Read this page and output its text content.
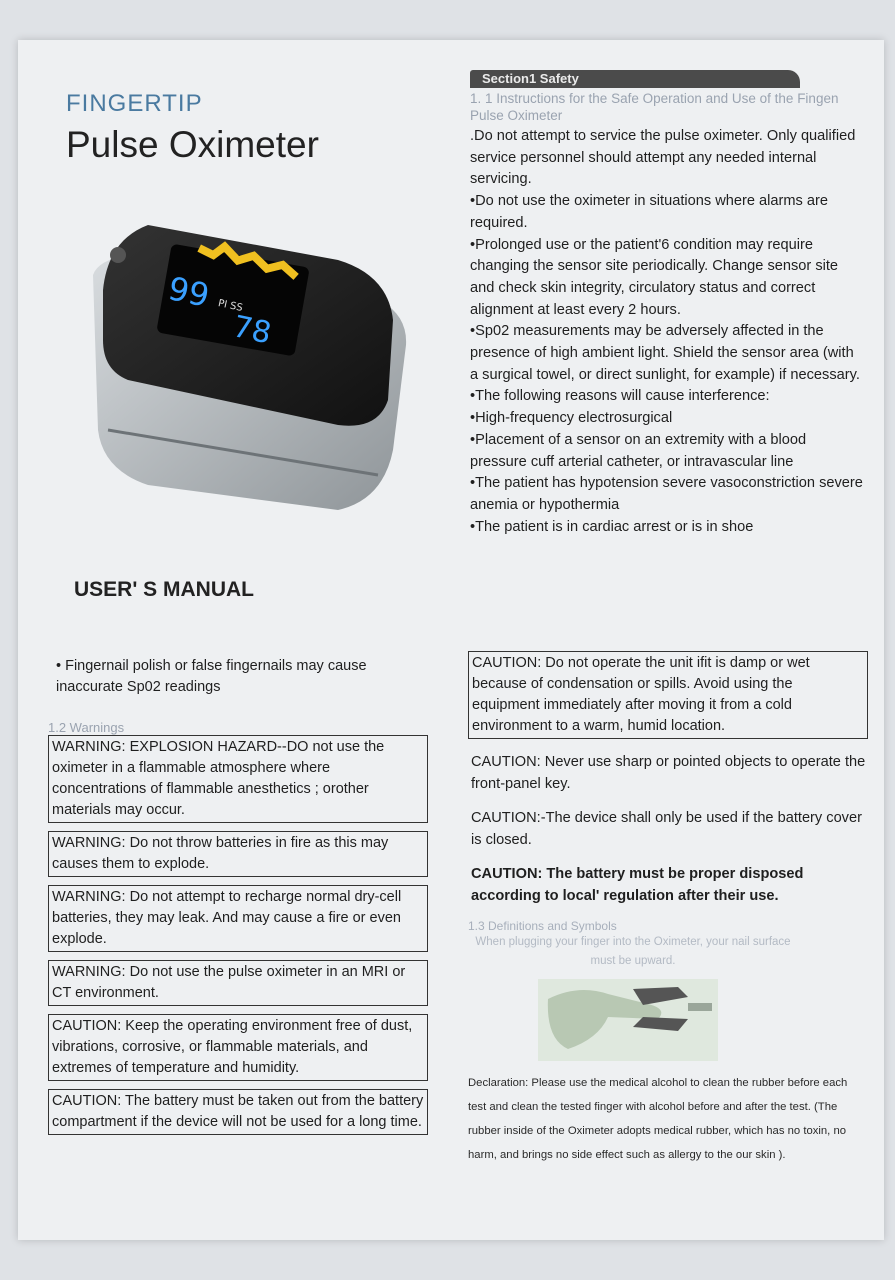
FINGERTIP
Pulse Oximeter
99
78
PI SS
USER' S MANUAL
Section1 Safety
1. 1 Instructions for the Safe Operation and Use of the Fingen Pulse Oximeter

.Do not attempt to service the pulse oximeter. Only qualified service personnel should attempt any needed internal servicing.

•Do not use the oximeter in situations where alarms are required.

•Prolonged use or the patient'6 condition may require changing the sensor site periodically. Change sensor site and check skin integrity, circulatory status and correct alignment at least every 2 hours.

•Sp02 measurements may be adversely affected in the presence of high ambient light. Shield the sensor area (with a surgical towel, or direct sunlight, for example) if necessary.

•The following reasons will cause interference:

•High-frequency electrosurgical

•Placement of a sensor on an extremity with a blood pressure cuff arterial catheter, or intravascular line

•The patient has hypotension severe vasoconstriction severe anemia or hypothermia

•The patient is in cardiac arrest or is in shoe

• Fingernail polish or false fingernails may cause inaccurate Sp02 readings
1.2 Warnings
WARNING: EXPLOSION HAZARD--DO not use the oximeter in a flammable atmosphere where concentrations of flammable anesthetics ; orother materials may occur.
WARNING: Do not throw batteries in fire as this may causes them to explode.
WARNING: Do not attempt to recharge normal dry-cell batteries, they may leak. And may cause a fire or even explode.
WARNING: Do not use the pulse oximeter in an MRI or CT environment.
CAUTION: Keep the operating environment free of dust, vibrations, corrosive, or flammable materials, and extremes of temperature and humidity.
CAUTION: The battery must be taken out from the battery compartment if the device will not be used for a long time.
CAUTION: Do not operate the unit ifit is damp or wet because of condensation or spills. Avoid using the equipment immediately after moving it from a cold environment to a warm, humid location.
CAUTION: Never use sharp or pointed objects to operate the front-panel key.
CAUTION:-The device shall only be used if the battery cover is closed.
CAUTION: The battery must be proper disposed according to local' regulation after their use.
1.3 Definitions and Symbols
When plugging your finger into the Oximeter, your nail surface must be upward.
Declaration: Please use the medical alcohol to clean the rubber before each test and clean the tested finger with alcohol before and after the test. (The rubber inside of the Oximeter adopts medical rubber, which has no toxin, no harm, and brings no side effect such as allergy to the our skin ).
